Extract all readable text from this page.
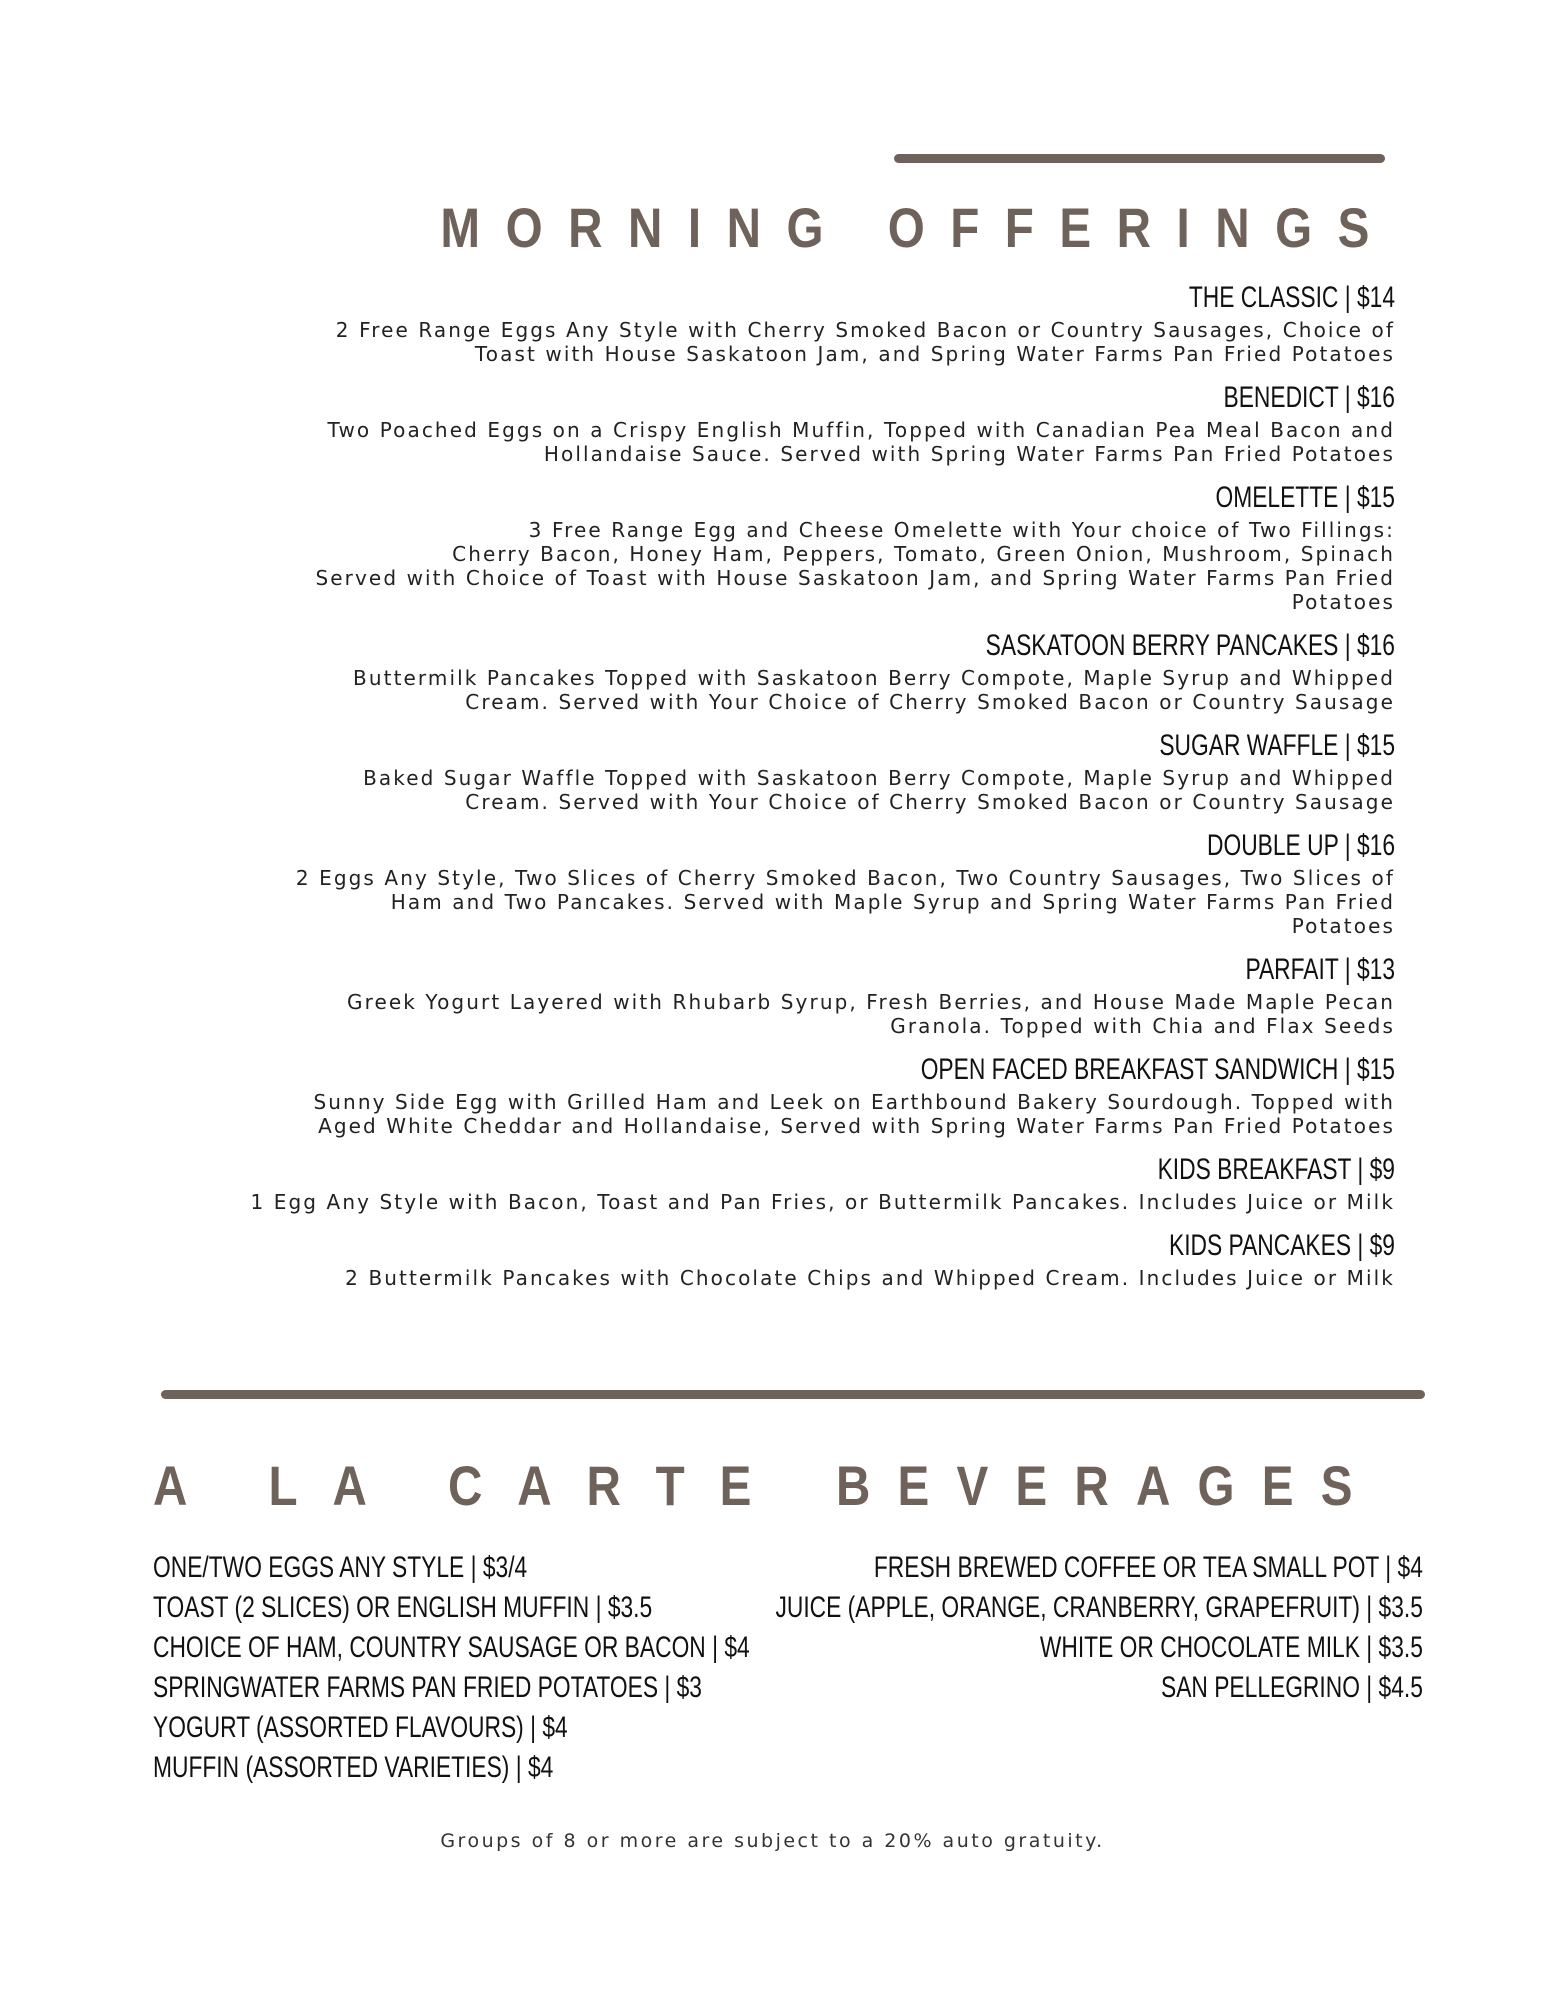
MORNING OFFERINGS
THE CLASSIC | $14
2 Free Range Eggs Any Style with Cherry Smoked Bacon or Country Sausages, Choice of
Toast with House Saskatoon Jam, and Spring Water Farms Pan Fried Potatoes
BENEDICT | $16
Two Poached Eggs on a Crispy English Muffin, Topped with Canadian Pea Meal Bacon and
Hollandaise Sauce. Served with Spring Water Farms Pan Fried Potatoes
OMELETTE | $15
3 Free Range Egg and Cheese Omelette with Your choice of Two Fillings:
Cherry Bacon, Honey Ham, Peppers, Tomato, Green Onion, Mushroom, Spinach
Served with Choice of Toast with House Saskatoon Jam, and Spring Water Farms Pan Fried
Potatoes
SASKATOON BERRY PANCAKES | $16
Buttermilk Pancakes Topped with Saskatoon Berry Compote, Maple Syrup and Whipped
Cream. Served with Your Choice of Cherry Smoked Bacon or Country Sausage
SUGAR WAFFLE | $15
Baked Sugar Waffle Topped with Saskatoon Berry Compote, Maple Syrup and Whipped
Cream. Served with Your Choice of Cherry Smoked Bacon or Country Sausage
DOUBLE UP | $16
2 Eggs Any Style, Two Slices of Cherry Smoked Bacon, Two Country Sausages, Two Slices of
Ham and Two Pancakes. Served with Maple Syrup and Spring Water Farms Pan Fried
Potatoes
PARFAIT | $13
Greek Yogurt Layered with Rhubarb Syrup, Fresh Berries, and House Made Maple Pecan
Granola. Topped with Chia and Flax Seeds
OPEN FACED BREAKFAST SANDWICH | $15
Sunny Side Egg with Grilled Ham and Leek on Earthbound Bakery Sourdough. Topped with
Aged White Cheddar and Hollandaise, Served with Spring Water Farms Pan Fried Potatoes
KIDS BREAKFAST | $9
1 Egg Any Style with Bacon, Toast and Pan Fries, or Buttermilk Pancakes. Includes Juice or Milk
KIDS PANCAKES | $9
2 Buttermilk Pancakes with Chocolate Chips and Whipped Cream. Includes Juice or Milk
A LA CARTE BEVERAGES
ONE/TWO EGGS ANY STYLE | $3/4
TOAST (2 SLICES) OR ENGLISH MUFFIN | $3.5
CHOICE OF HAM, COUNTRY SAUSAGE OR BACON | $4
SPRINGWATER FARMS PAN FRIED POTATOES | $3
YOGURT (ASSORTED FLAVOURS) | $4
MUFFIN (ASSORTED VARIETIES) | $4
FRESH BREWED COFFEE OR TEA SMALL POT | $4
JUICE (APPLE, ORANGE, CRANBERRY, GRAPEFRUIT) | $3.5
WHITE OR CHOCOLATE MILK | $3.5
SAN PELLEGRINO | $4.5
Groups of 8 or more are subject to a 20% auto gratuity.
